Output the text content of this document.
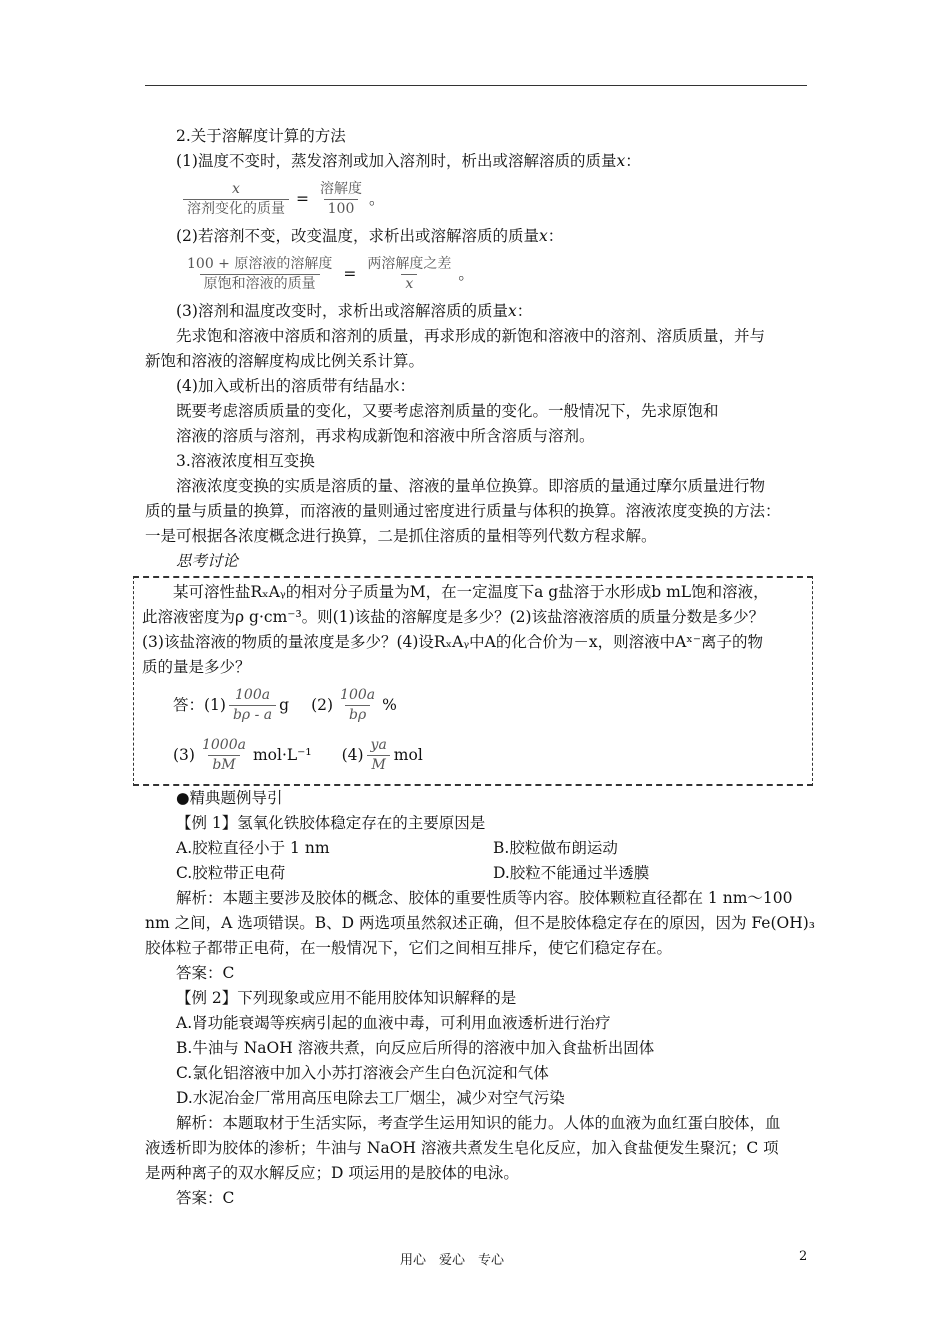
2.关于溶解度计算的方法

(1)温度不变时，蒸发溶剂或加入溶剂时，析出或溶解溶质的质量x：

$\frac{x}{\text{溶剂变化的质量}} = \frac{\text{溶解度}}{100}$ 。

(2)若溶剂不变，改变温度，求析出或溶解溶质的质量x：

$\frac{\text{100 + 原溶液的溶解度}}{\text{原饱和溶液的质量}} = \frac{\text{两溶解度之差}}{x}$ 。

(3)溶剂和温度改变时，求析出或溶解溶质的质量x：

先求饱和溶液中溶质和溶剂的质量，再求形成的新饱和溶液中的溶剂、溶质质量，并与

新饱和溶液的溶解度构成比例关系计算。

(4)加入或析出的溶质带有结晶水：

既要考虑溶质质量的变化，又要考虑溶剂质量的变化。一般情况下，先求原饱和

溶液的溶质与溶剂，再求构成新饱和溶液中所含溶质与溶剂。

3.溶液浓度相互变换

溶液浓度变换的实质是溶质的量、溶液的量单位换算。即溶质的量通过摩尔质量进行物

质的量与质量的换算，而溶液的量则通过密度进行质量与体积的换算。溶液浓度变换的方法：

一是可根据各浓度概念进行换算，二是抓住溶质的量相等列代数方程求解。

思考讨论

某可溶性盐RₓAᵧ的相对分子质量为M，在一定温度下a g盐溶于水形成b mL饱和溶液，

此溶液密度为ρ g·cm⁻³。则(1)该盐的溶解度是多少？(2)该盐溶液溶质的质量分数是多少？

(3)该盐溶液的物质的量浓度是多少？(4)设RₓAᵧ中A的化合价为－x，则溶液中Aˣ⁻离子的物

质的量是多少？

答：$(1) \frac{100a}{b\rho - a}$ g $(2) \frac{100a}{b\rho}$ %
$(3) \frac{1000a}{bM} mol\cdot L^{-1}$ $(4) \frac{ya}{M}$ mol

●精典题例导引

【例 1】氢氧化铁胶体稳定存在的主要原因是

A.胶粒直径小于 1 nm	B.胶粒做布朗运动
C.胶粒带正电荷	D.胶粒不能通过半透膜

解析：本题主要涉及胶体的概念、胶体的重要性质等内容。胶体颗粒直径都在 1 nm～100

nm 之间，A 选项错误。B、D 两选项虽然叙述正确，但不是胶体稳定存在的原因，因为 Fe(OH)₃

胶体粒子都带正电荷，在一般情况下，它们之间相互排斥，使它们稳定存在。

答案：C

【例 2】下列现象或应用不能用胶体知识解释的是

A.肾功能衰竭等疾病引起的血液中毒，可利用血液透析进行治疗

B.牛油与 NaOH 溶液共煮，向反应后所得的溶液中加入食盐析出固体

C.氯化铝溶液中加入小苏打溶液会产生白色沉淀和气体

D.水泥冶金厂常用高压电除去工厂烟尘，减少对空气污染

解析：本题取材于生活实际，考查学生运用知识的能力。人体的血液为血红蛋白胶体，血

液透析即为胶体的渗析；牛油与 NaOH 溶液共煮发生皂化反应，加入食盐便发生聚沉；C 项

是两种离子的双水解反应；D 项运用的是胶体的电泳。

答案：C

用心　爱心　专心	2
